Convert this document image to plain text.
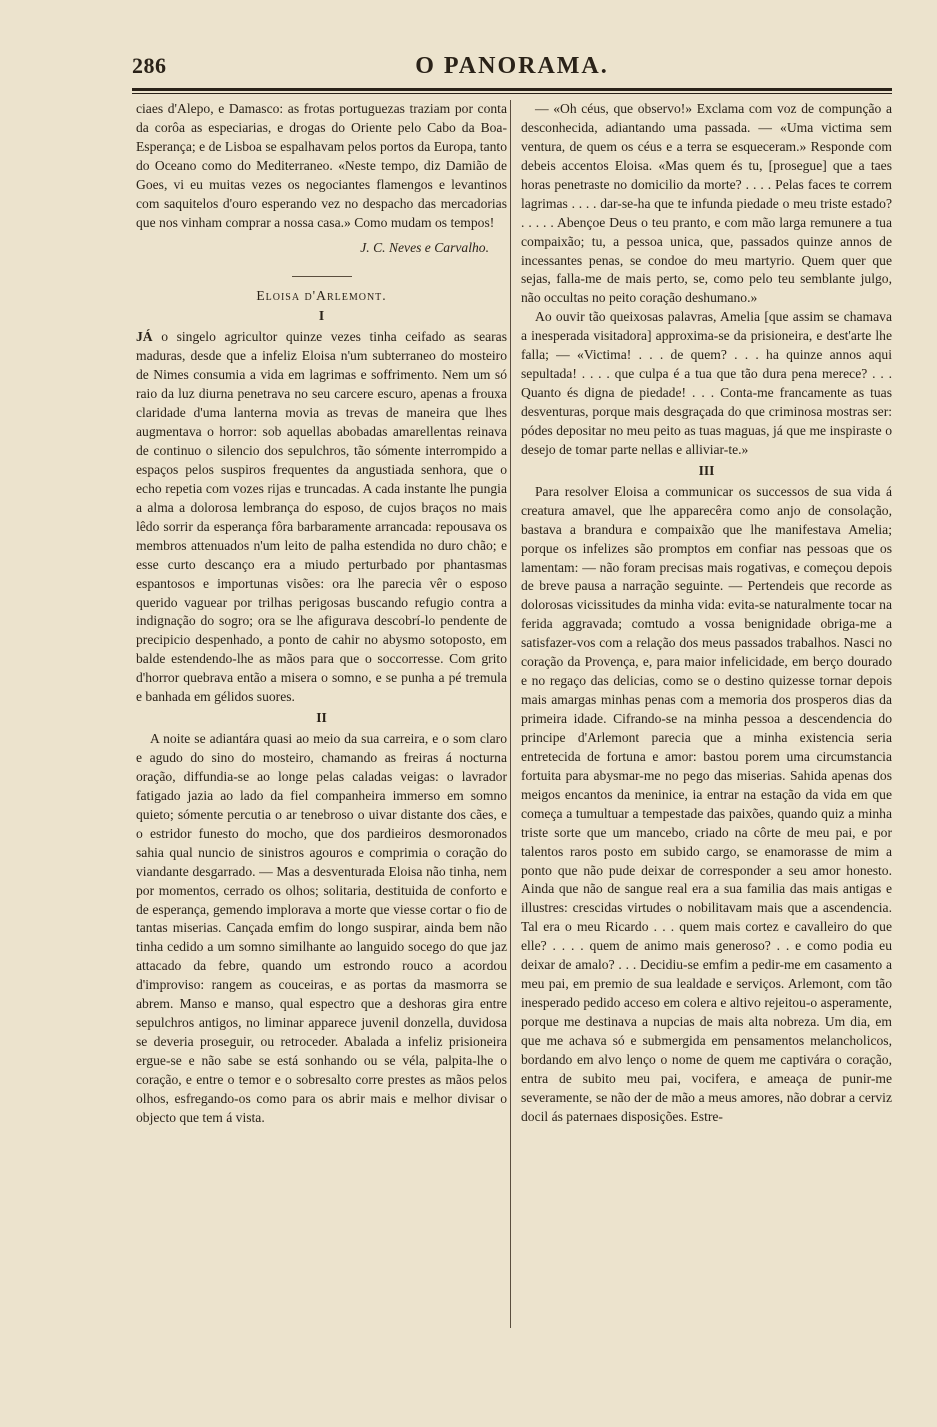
286	O PANORAMA.

ciaes d'Alepo, e Damasco: as frotas portuguezas traziam por conta da corôa as especiarias, e drogas do Oriente pelo Cabo da Boa-Esperança; e de Lisboa se espalhavam pelos portos da Europa, tanto do Oceano como do Mediterraneo. «Neste tempo, diz Damião de Goes, vi eu muitas vezes os negociantes flamengos e levantinos com saquitelos d'ouro esperando vez no despacho das mercadorias que nos vinham comprar a nossa casa.» Como mudam os tempos!

J. C. Neves e Carvalho.
Eloisa d'Arlemont.
I

JÁ o singelo agricultor quinze vezes tinha ceifado as searas maduras, desde que a infeliz Eloisa n'um subterraneo do mosteiro de Nimes consumia a vida em lagrimas e soffrimento. Nem um só raio da luz diurna penetrava no seu carcere escuro, apenas a frouxa claridade d'uma lanterna movia as trevas de maneira que lhes augmentava o horror: sob aquellas abobadas amarellentas reinava de continuo o silencio dos sepulchros, tão sómente interrompido a espaços pelos suspiros frequentes da angustiada senhora, que o echo repetia com vozes rijas e truncadas. A cada instante lhe pungia a alma a dolorosa lembrança do esposo, de cujos braços no mais lêdo sorrir da esperança fôra barbaramente arrancada: repousava os membros attenuados n'um leito de palha estendida no duro chão; e esse curto descanço era a miudo perturbado por phantasmas espantosos e importunas visões: ora lhe parecia vêr o esposo querido vaguear por trilhas perigosas buscando refugio contra a indignação do sogro; ora se lhe afigurava descobrí-lo pendente de precipicio despenhado, a ponto de cahir no abysmo sotoposto, em balde estendendo-lhe as mãos para que o soccorresse. Com grito d'horror quebrava então a misera o somno, e se punha a pé tremula e banhada em gélidos suores.

II

A noite se adiantára quasi ao meio da sua carreira, e o som claro e agudo do sino do mosteiro, chamando as freiras á nocturna oração, diffundia-se ao longe pelas caladas veigas: o lavrador fatigado jazia ao lado da fiel companheira immerso em somno quieto; sómente percutia o ar tenebroso o uivar distante dos cães, e o estridor funesto do mocho, que dos pardieiros desmoronados sahia qual nuncio de sinistros agouros e comprimia o coração do viandante desgarrado. — Mas a desventurada Eloisa não tinha, nem por momentos, cerrado os olhos; solitaria, destituida de conforto e de esperança, gemendo implorava a morte que viesse cortar o fio de tantas miserias. Cançada emfim do longo suspirar, ainda bem não tinha cedido a um somno similhante ao languido socego do que jaz attacado da febre, quando um estrondo rouco a acordou d'improviso: rangem as couceiras, e as portas da masmorra se abrem. Manso e manso, qual espectro que a deshoras gira entre sepulchros antigos, no liminar apparece juvenil donzella, duvidosa se deveria proseguir, ou retroceder. Abalada a infeliz prisioneira ergue-se e não sabe se está sonhando ou se véla, palpita-lhe o coração, e entre o temor e o sobresalto corre prestes as mãos pelos olhos, esfregando-os como para os abrir mais e melhor divisar o objecto que tem á vista.

— «Oh céus, que observo!» Exclama com voz de compunção a desconhecida, adiantando uma passada. — «Uma victima sem ventura, de quem os céus e a terra se esqueceram.» Responde com debeis accentos Eloisa. «Mas quem és tu, [prosegue] que a taes horas penetraste no domicilio da morte? . . . . Pelas faces te correm lagrimas . . . . dar-se-ha que te infunda piedade o meu triste estado? . . . . . Abençoe Deus o teu pranto, e com mão larga remunere a tua compaixão; tu, a pessoa unica, que, passados quinze annos de incessantes penas, se condoe do meu martyrio. Quem quer que sejas, falla-me de mais perto, se, como pelo teu semblante julgo, não occultas no peito coração deshumano.»

Ao ouvir tão queixosas palavras, Amelia [que assim se chamava a inesperada visitadora] approxima-se da prisioneira, e dest'arte lhe falla; — «Victima! . . . de quem? . . . ha quinze annos aqui sepultada! . . . . que culpa é a tua que tão dura pena merece? . . . Quanto és digna de piedade! . . . Conta-me francamente as tuas desventuras, porque mais desgraçada do que criminosa mostras ser: pódes depositar no meu peito as tuas maguas, já que me inspiraste o desejo de tomar parte nellas e alliviar-te.»

III

Para resolver Eloisa a communicar os successos de sua vida á creatura amavel, que lhe apparecêra como anjo de consolação, bastava a brandura e compaixão que lhe manifestava Amelia; porque os infelizes são promptos em confiar nas pessoas que os lamentam: — não foram precisas mais rogativas, e começou depois de breve pausa a narração seguinte. — Pertendeis que recorde as dolorosas vicissitudes da minha vida: evita-se naturalmente tocar na ferida aggravada; comtudo a vossa benignidade obriga-me a satisfazer-vos com a relação dos meus passados trabalhos. Nasci no coração da Provença, e, para maior infelicidade, em berço dourado e no regaço das delicias, como se o destino quizesse tornar depois mais amargas minhas penas com a memoria dos prosperos dias da primeira idade. Cifrando-se na minha pessoa a descendencia do principe d'Arlemont parecia que a minha existencia seria entretecida de fortuna e amor: bastou porem uma circumstancia fortuita para abysmar-me no pego das miserias. Sahida apenas dos meigos encantos da meninice, ia entrar na estação da vida em que começa a tumultuar a tempestade das paixões, quando quiz a minha triste sorte que um mancebo, criado na côrte de meu pai, e por talentos raros posto em subido cargo, se enamorasse de mim a ponto que não pude deixar de corresponder a seu amor honesto. Ainda que não de sangue real era a sua familia das mais antigas e illustres: crescidas virtudes o nobilitavam mais que a ascendencia. Tal era o meu Ricardo . . . quem mais cortez e cavalleiro do que elle? . . . . quem de animo mais generoso? . . e como podia eu deixar de amalo? . . . Decidiu-se emfim a pedir-me em casamento a meu pai, em premio de sua lealdade e serviços. Arlemont, com tão inesperado pedido acceso em colera e altivo rejeitou-o asperamente, porque me destinava a nupcias de mais alta nobreza. Um dia, em que me achava só e submergida em pensamentos melancholicos, bordando em alvo lenço o nome de quem me captivára o coração, entra de subito meu pai, vocifera, e ameaça de punir-me severamente, se não der de mão a meus amores, não dobrar a cerviz docil ás paternaes disposições. Estre-
